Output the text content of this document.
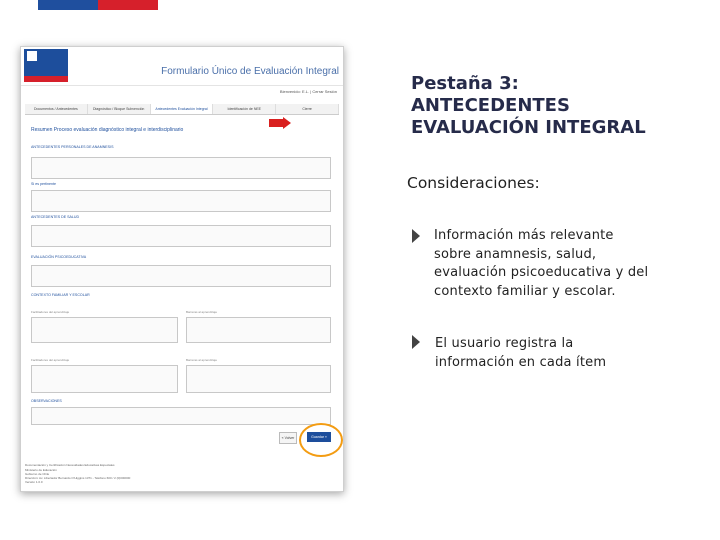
Formulario Único de Evaluación Integral
Bienvenido: E.L. | Cerrar Sesión
Documentos / Antecedentes	Diagnóstico / Bloque Subvención	Antecedentes Evaluación Integral	Identificación de NEE	Cierre
Resumen Proceso evaluación diagnóstico integral e interdisciplinario
ANTECEDENTES PERSONALES DE ANAMNESIS
Si es pertinente
ANTECEDENTES DE SALUD
EVALUACIÓN PSICOEDUCATIVA
CONTEXTO FAMILIAR Y ESCOLAR
Facilitadores del aprendizaje	Barreras al aprendizaje
Facilitadores del aprendizaje	Barreras al aprendizaje
OBSERVACIONES
« Volver	Guardar »
Documentación y Certificación Necesidades Educativas Especiales
Ministerio de Educación
Gobierno de Chile
Dirección: Av. Libertador Bernardo O'Higgins 1371 - Teléfono 600 / 2 (0)000000
Versión 1.0.0
Pestaña 3:
ANTECEDENTES
EVALUACIÓN INTEGRAL
Consideraciones:
Información más relevante
sobre anamnesis, salud,
evaluación psicoeducativa y del
contexto familiar y escolar.
El usuario registra la
información en cada ítem
